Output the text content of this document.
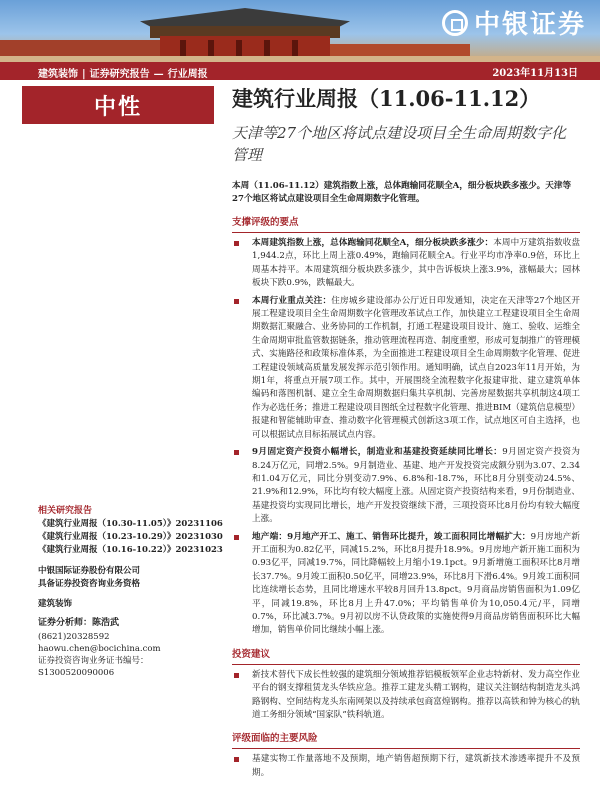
中银证券
建筑装饰 | 证券研究报告 — 行业周报	2023年11月13日
中性
相关研究报告
《建筑行业周报（10.30-11.05）》20231106
《建筑行业周报（10.23-10.29）》20231030
《建筑行业周报（10.16-10.22）》20231023
中银国际证券股份有限公司
具备证券投资咨询业务资格
建筑装饰
证券分析师：陈浩武
(8621)20328592
haowu.chen@bocichina.com
证券投资咨询业务证书编号：S1300520090006
建筑行业周报（11.06-11.12）
天津等27个地区将试点建设项目全生命周期数字化管理
本周（11.06-11.12）建筑指数上涨，总体跑输同花顺全A，细分板块跌多涨少。天津等27个地区将试点建设项目全生命周期数字化管理。
支撑评级的要点
本周建筑指数上涨，总体跑输同花顺全A，细分板块跌多涨少：本周中万建筑指数收盘1,944.2点，环比上周上涨0.49%，跑输同花顺全A。行业平均市净率0.9倍，环比上周基本持平。本周建筑细分板块跌多涨少，其中告诉板块上涨3.9%，涨幅最大；园林板块下跌0.9%，跌幅最大。
本周行业重点关注：住房城乡建设部办公厅近日印发通知，决定在天津等27个地区开展工程建设项目全生命周期数字化管理改革试点工作，加快建立工程建设项目全生命周期数据汇聚融合、业务协同的工作机制，打通工程建设项目设计、施工、验收、运维全生命周期审批监管数据链条，推动管理流程再造、制度重塑，形成可复制推广的管理模式、实施路径和政策标准体系，为全面推进工程建设项目全生命周期数字化管理、促进工程建设领域高质量发展发挥示范引领作用。通知明确，试点自2023年11月开始，为期1年，将重点开展7项工作。其中，开展围绕全流程数字化报建审批、建立建筑单体编码和落图机制、建立全生命周期数据归集共享机制、完善房屋数据共享机制这4项工作为必选任务；推进工程建设项目图纸全过程数字化管理、推进BIM（建筑信息模型）报建和智能辅助审查、推动数字化管理模式创新这3项工作，试点地区可自主选择，也可以根据试点目标拓展试点内容。
9月固定资产投资小幅增长，制造业和基建投资延续同比增长：9月固定资产投资为8.24万亿元，同增2.5%。9月制造业、基建、地产开发投资完成额分别为3.07、2.34和1.04万亿元，同比分别变动7.9%、6.8%和-18.7%，环比8月分别变动24.5%、21.9%和12.9%，环比均有较大幅度上涨。从固定资产投资结构来看，9月份制造业、基建投资均实现同比增长，地产开发投资继续下滑，三项投资环比8月份均有较大幅度上涨。
地产端：9月地产开工、施工、销售环比提升，竣工面积同比增幅扩大：9月房地产新开工面积为0.82亿平，同减15.2%，环比8月提升18.9%。9月房地产新开施工面积为0.93亿平，同减19.7%，同比降幅较上月缩小19.1pct。9月新增施工面积环比8月增长37.7%。9月竣工面积0.50亿平，同增23.9%，环比8月下滑6.4%。9月竣工面积同比连续增长态势，且同比增速水平较8月回升13.8pct。9月商品房销售面积为1.09亿平，同减19.8%，环比8月上升47.0%；平均销售单价为10,050.4元/平，同增0.7%，环比减3.7%。9月初以房不认贷政策的实施使得9月商品房销售面积环比大幅增加，销售单价同比继续小幅上涨。
投资建议
新技术替代下成长性较强的建筑细分领域推荐铝模板领军企业志特新材、发力高空作业平台的钢支撑租赁龙头华铁应急。推荐工建龙头精工钢构，建议关注钢结构制造龙头鸿路钢构、空间结构龙头东南网架以及持续承包商富煌钢构。推荐以高铁和钟为核心的轨道工务细分领域“国家队”铁科轨道。
评级面临的主要风险
基建实物工作量落地不及预期，地产销售超预期下行，建筑新技术渗透率提升不及预期。
